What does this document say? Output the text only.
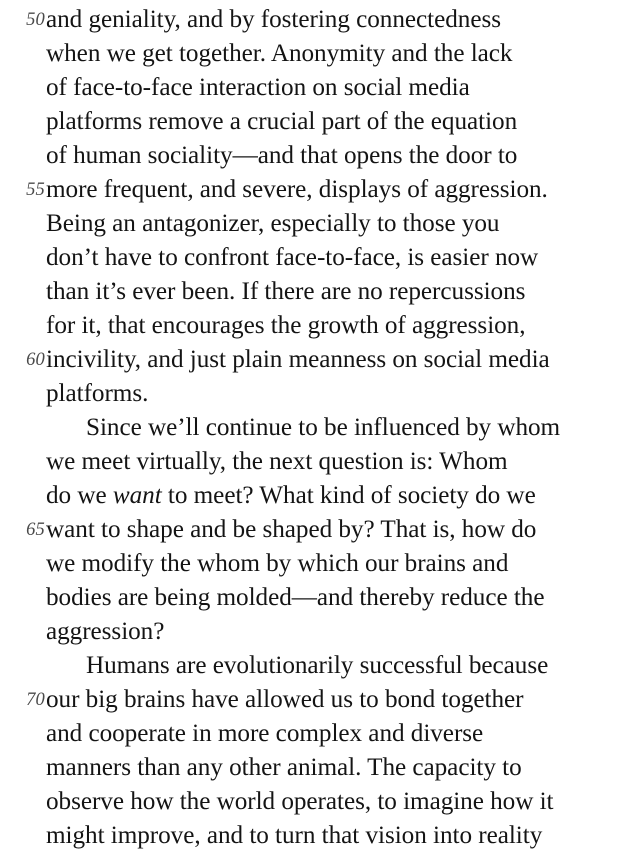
50 and geniality, and by fostering connectedness
when we get together. Anonymity and the lack
of face-to-face interaction on social media
platforms remove a crucial part of the equation
of human sociality—and that opens the door to
55 more frequent, and severe, displays of aggression.
Being an antagonizer, especially to those you
don’t have to confront face-to-face, is easier now
than it’s ever been. If there are no repercussions
for it, that encourages the growth of aggression,
60 incivility, and just plain meanness on social media
platforms.
Since we’ll continue to be influenced by whom
we meet virtually, the next question is: Whom
do we want to meet? What kind of society do we
65 want to shape and be shaped by? That is, how do
we modify the whom by which our brains and
bodies are being molded—and thereby reduce the
aggression?
Humans are evolutionarily successful because
70 our big brains have allowed us to bond together
and cooperate in more complex and diverse
manners than any other animal. The capacity to
observe how the world operates, to imagine how it
might improve, and to turn that vision into reality
